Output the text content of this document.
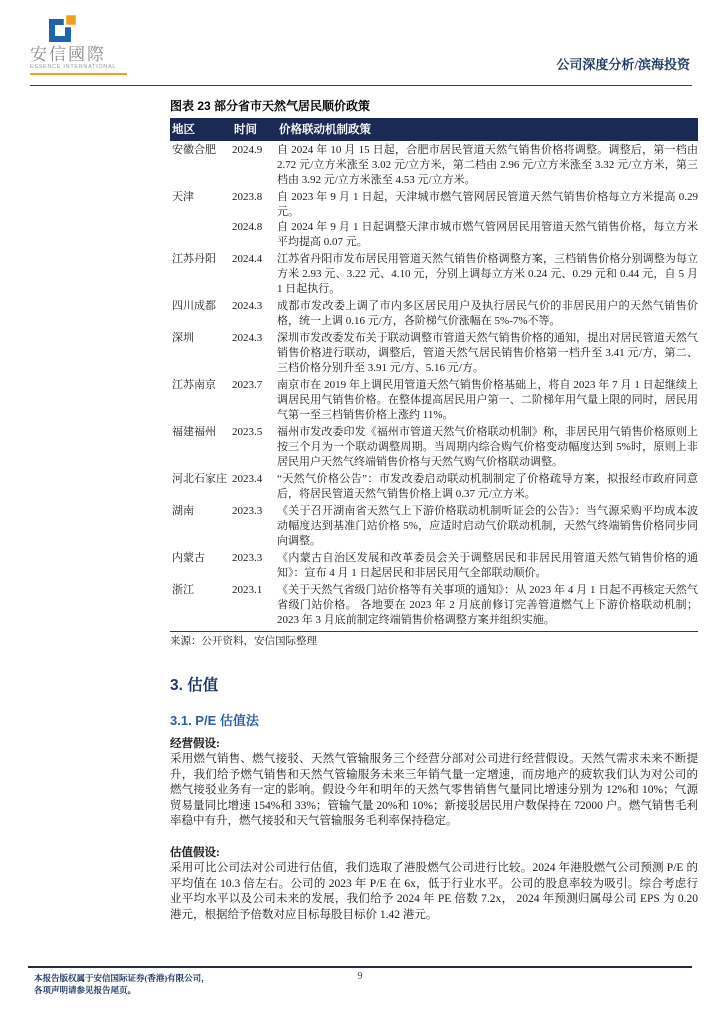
安信國際
ESSENCE INTERNATIONAL	公司深度分析/滨海投资
图表 23 部分省市天然气居民顺价政策
地区	时间	价格联动机制政策
安徽合肥	2024.9	自 2024 年 10 月 15 日起，合肥市居民管道天然气销售价格将调整。调整后，第一档由 2.72 元/立方米涨至 3.02 元/立方米，第二档由 2.96 元/立方米涨至 3.32 元/立方米，第三档由 3.92 元/立方米涨至 4.53 元/立方米。
天津	2023.8	自 2023 年 9 月 1 日起，天津城市燃气管网居民管道天然气销售价格每立方米提高 0.29 元。
2024.8	自 2024 年 9 月 1 日起调整天津市城市燃气管网居民用管道天然气销售价格，每立方米平均提高 0.07 元。
江苏丹阳	2024.4	江苏省丹阳市发布居民用管道天然气销售价格调整方案，三档销售价格分别调整为每立方米 2.93 元、3.22 元、4.10 元，分别上调每立方米 0.24 元、0.29 元和 0.44 元，自 5 月 1 日起执行。
四川成都	2024.3	成都市发改委上调了市内多区居民用户及执行居民气价的非居民用户的天然气销售价格，统一上调 0.16 元/方，各阶梯气价涨幅在 5%-7%不等。
深圳	2024.3	深圳市发改委发布关于联动调整市管道天然气销售价格的通知，提出对居民管道天然气销售价格进行联动，调整后，管道天然气居民销售价格第一档升至 3.41 元/方，第二、三档价格分别升至 3.91 元/方、5.16 元/方。
江苏南京	2023.7	南京市在 2019 年上调民用管道天然气销售价格基础上，将自 2023 年 7 月 1 日起继续上调居民用气销售价格。在整体提高居民用户第一、二阶梯年用气量上限的同时，居民用气第一至三档销售价格上涨约 11%。
福建福州	2023.5	福州市发改委印发《福州市管道天然气价格联动机制》称，非居民用气销售价格原则上按三个月为一个联动调整周期。当周期内综合购气价格变动幅度达到 5%时，原则上非居民用户天然气终端销售价格与天然气购气价格联动调整。
河北石家庄 2023.4	“天然气价格公告”：市发改委启动联动机制制定了价格疏导方案，拟报经市政府同意后，将居民管道天然气销售价格上调 0.37 元/立方米。
湖南	2023.3	《关于召开湖南省天然气上下游价格联动机制听证会的公告》：当气源采购平均成本波动幅度达到基准门站价格 5%，应适时启动气价联动机制，天然气终端销售价格同步同向调整。
内蒙古	2023.3	《内蒙古自治区发展和改革委员会关于调整居民和非居民用管道天然气销售价格的通知》：宣布 4 月 1 日起居民和非居民用气全部联动顺价。
浙江	2023.1	《关于天然气省级门站价格等有关事项的通知》：从 2023 年 4 月 1 日起不再核定天然气省级门站价格。 各地要在 2023 年 2 月底前修订完善管道燃气上下游价格联动机制；2023 年 3 月底前制定终端销售价格调整方案并组织实施。
来源：公开资料，安信国际整理
3. 估值
3.1. P/E 估值法
经营假设:
采用燃气销售、燃气接驳、天然气管输服务三个经营分部对公司进行经营假设。天然气需求未来不断提升，我们给予燃气销售和天然气管输服务未来三年销气量一定增速，而房地产的疲软我们认为对公司的燃气接驳业务有一定的影响。假设今年和明年的天然气零售销售气量同比增速分别为 12%和 10%；气源贸易量同比增速 154%和 33%；管输气量 20%和 10%；新接驳居民用户数保持在 72000 户。燃气销售毛利率稳中有升，燃气接驳和天气管输服务毛利率保持稳定。
估值假设:
采用可比公司法对公司进行估值，我们选取了港股燃气公司进行比较。2024 年港股燃气公司预测 P/E 的平均值在 10.3 倍左右。公司的 2023 年 P/E 在 6x，低于行业水平。公司的股息率较为吸引。综合考虑行业平均水平以及公司未来的发展，我们给予 2024 年 PE 倍数 7.2x， 2024 年预测归属母公司 EPS 为 0.20 港元，根据给予倍数对应目标每股目标价 1.42 港元。
本报告版权属于安信国际证券(香港)有限公司，
各项声明请参见报告尾页。
9
